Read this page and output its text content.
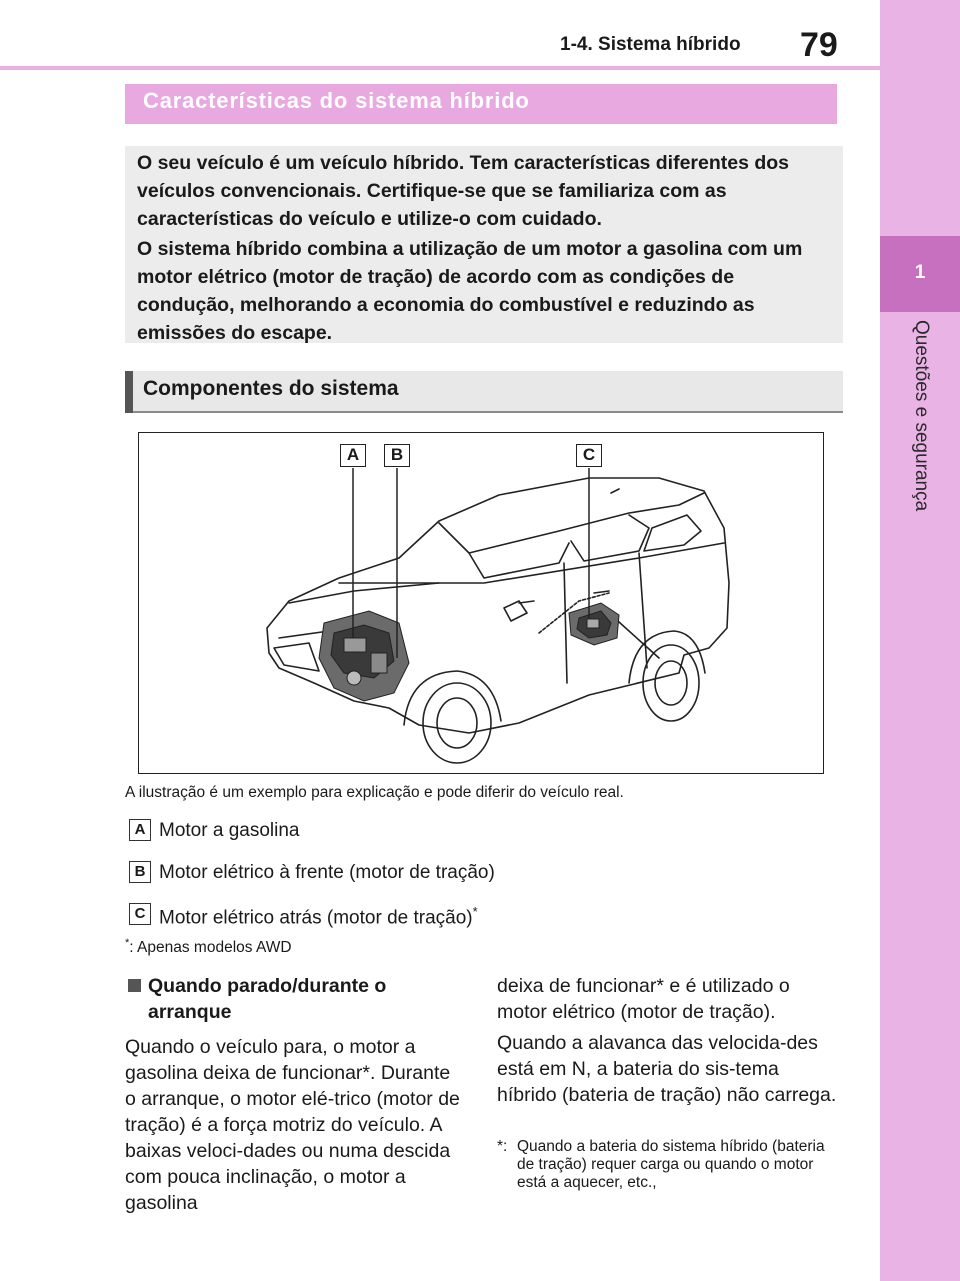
1-4. Sistema híbrido 79
1
Questões e segurança
Características do sistema híbrido

O seu veículo é um veículo híbrido. Tem características diferentes dos veículos convencionais. Certifique-se que se familiariza com as características do veículo e utilize-o com cuidado.

O sistema híbrido combina a utilização de um motor a gasolina com um motor elétrico (motor de tração) de acordo com as condições de condução, melhorando a economia do combustível e reduzindo as emissões do escape.

Componentes do sistema
A	B	C
A ilustração é um exemplo para explicação e pode diferir do veículo real.
A Motor a gasolina
B Motor elétrico à frente (motor de tração)
C Motor elétrico atrás (motor de tração)*
*: Apenas modelos AWD
Quando parado/durante o arranque

Quando o veículo para, o motor a gasolina deixa de funcionar*. Durante o arranque, o motor elé-trico (motor de tração) é a força motriz do veículo. A baixas veloci-dades ou numa descida com pouca inclinação, o motor a gasolina

deixa de funcionar* e é utilizado o motor elétrico (motor de tração).

Quando a alavanca das velocida-des está em N, a bateria do sis-tema híbrido (bateria de tração) não carrega.

*: Quando a bateria do sistema híbrido (bateria de tração) requer carga ou quando o motor está a aquecer, etc.,
